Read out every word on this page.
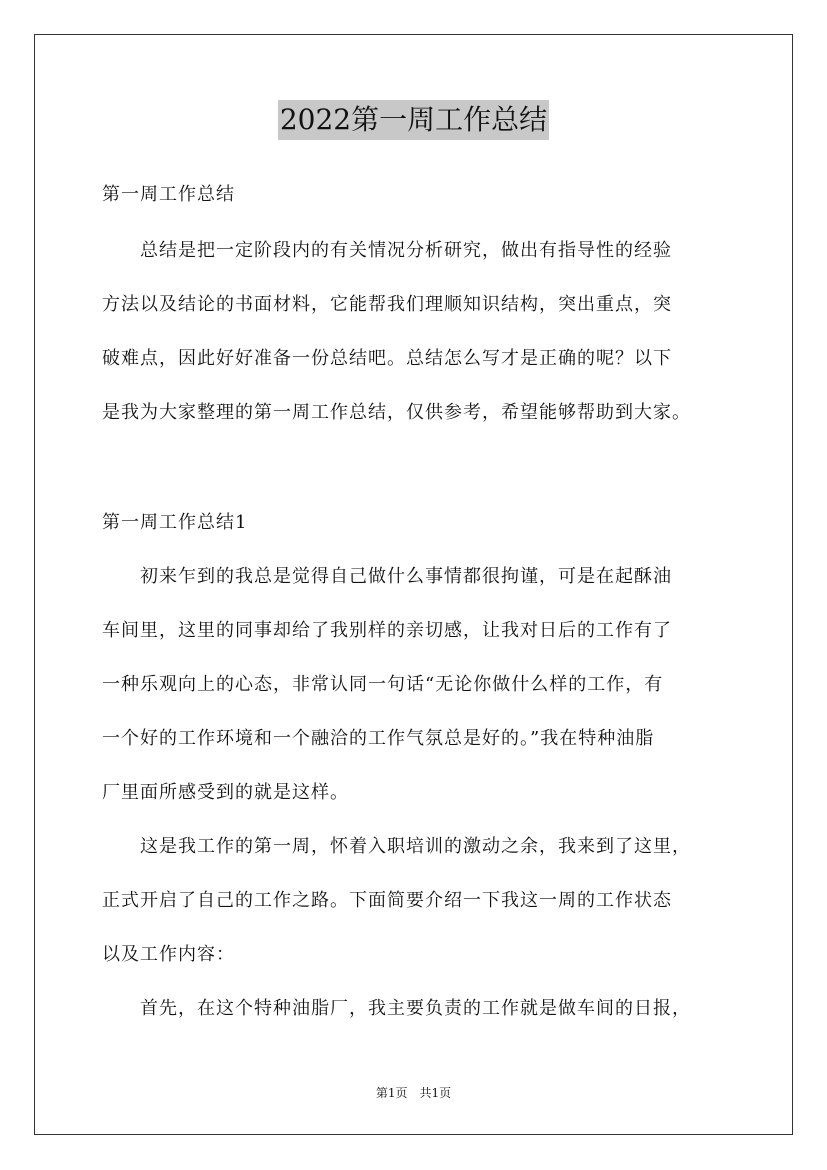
2022第一周工作总结
第一周工作总结
　　总结是把一定阶段内的有关情况分析研究，做出有指导性的经验
方法以及结论的书面材料，它能帮我们理顺知识结构，突出重点，突
破难点，因此好好准备一份总结吧。总结怎么写才是正确的呢？以下
是我为大家整理的第一周工作总结，仅供参考，希望能够帮助到大家。
第一周工作总结1
　　初来乍到的我总是觉得自己做什么事情都很拘谨，可是在起酥油
车间里，这里的同事却给了我别样的亲切感，让我对日后的工作有了
一种乐观向上的心态，非常认同一句话“无论你做什么样的工作，有
一个好的工作环境和一个融洽的工作气氛总是好的。”我在特种油脂
厂里面所感受到的就是这样。
　　这是我工作的第一周，怀着入职培训的激动之余，我来到了这里，
正式开启了自己的工作之路。下面简要介绍一下我这一周的工作状态
以及工作内容：
　　首先，在这个特种油脂厂，我主要负责的工作就是做车间的日报，
第1页　共1页
